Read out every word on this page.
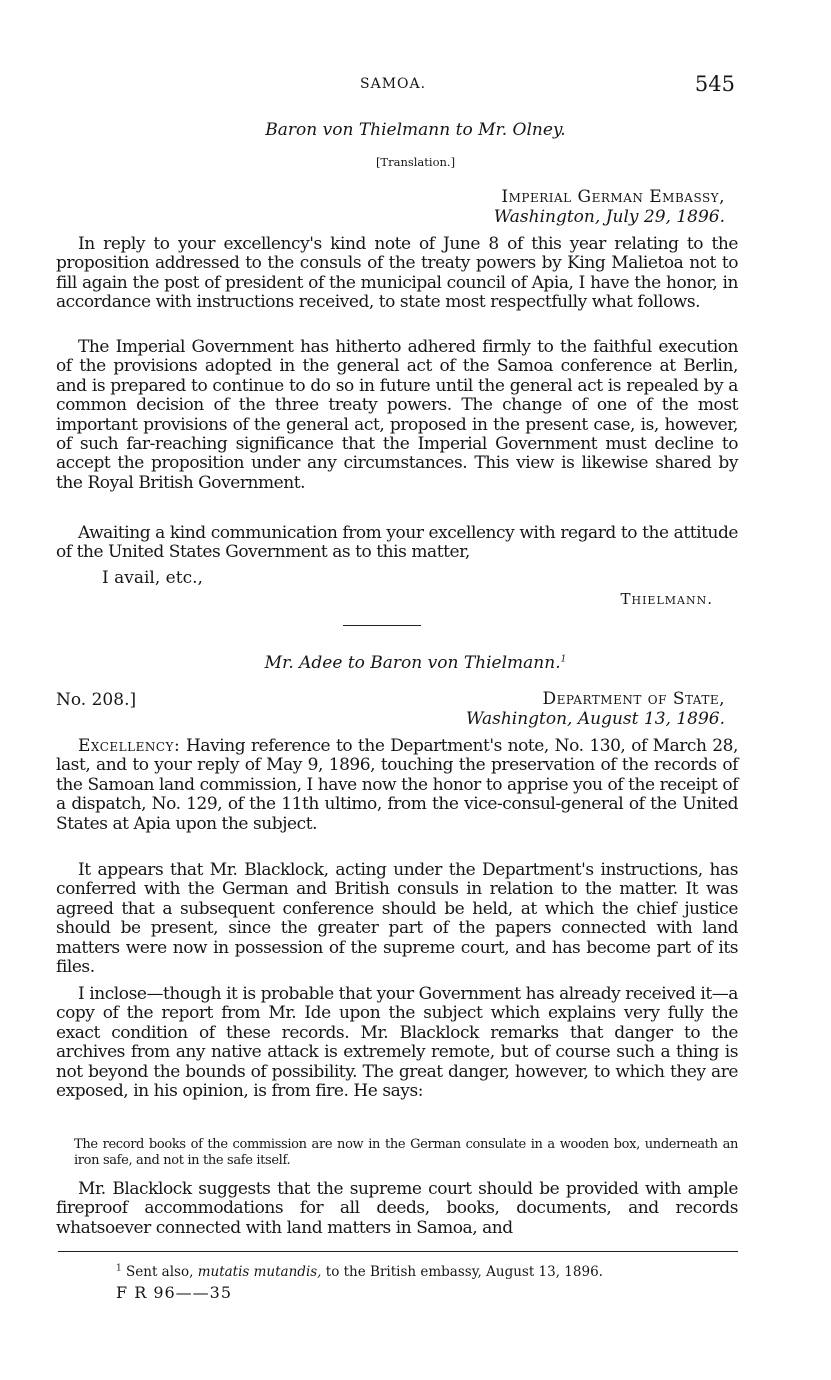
SAMOA.	545
Baron von Thielmann to Mr. Olney.
[Translation.]
Imperial German Embassy,
Washington, July 29, 1896.

In reply to your excellency's kind note of June 8 of this year relating to the proposition addressed to the consuls of the treaty powers by King Malietoa not to fill again the post of president of the municipal council of Apia, I have the honor, in accordance with instructions received, to state most respectfully what follows.

The Imperial Government has hitherto adhered firmly to the faithful execution of the provisions adopted in the general act of the Samoa conference at Berlin, and is prepared to continue to do so in future until the general act is repealed by a common decision of the three treaty powers. The change of one of the most important provisions of the general act, proposed in the present case, is, however, of such far-reaching significance that the Imperial Government must decline to accept the proposition under any circumstances. This view is likewise shared by the Royal British Government.

Awaiting a kind communication from your excellency with regard to the attitude of the United States Government as to this matter,

I avail, etc.,
Thielmann.
Mr. Adee to Baron von Thielmann.$^1$
No. 208.]	Department of State,
Washington, August 13, 1896.

Excellency: Having reference to the Department's note, No. 130, of March 28, last, and to your reply of May 9, 1896, touching the preservation of the records of the Samoan land commission, I have now the honor to apprise you of the receipt of a dispatch, No. 129, of the 11th ultimo, from the vice-consul-general of the United States at Apia upon the subject.

It appears that Mr. Blacklock, acting under the Department's instructions, has conferred with the German and British consuls in relation to the matter. It was agreed that a subsequent conference should be held, at which the chief justice should be present, since the greater part of the papers connected with land matters were now in possession of the supreme court, and has become part of its files.

I inclose—though it is probable that your Government has already received it—a copy of the report from Mr. Ide upon the subject which explains very fully the exact condition of these records. Mr. Blacklock remarks that danger to the archives from any native attack is extremely remote, but of course such a thing is not beyond the bounds of possibility. The great danger, however, to which they are exposed, in his opinion, is from fire. He says:

The record books of the commission are now in the German consulate in a wooden box, underneath an iron safe, and not in the safe itself.

Mr. Blacklock suggests that the supreme court should be provided with ample fireproof accommodations for all deeds, books, documents, and records whatsoever connected with land matters in Samoa, and

$^1$ Sent also, mutatis mutandis, to the British embassy, August 13, 1896.
F R 96——35
